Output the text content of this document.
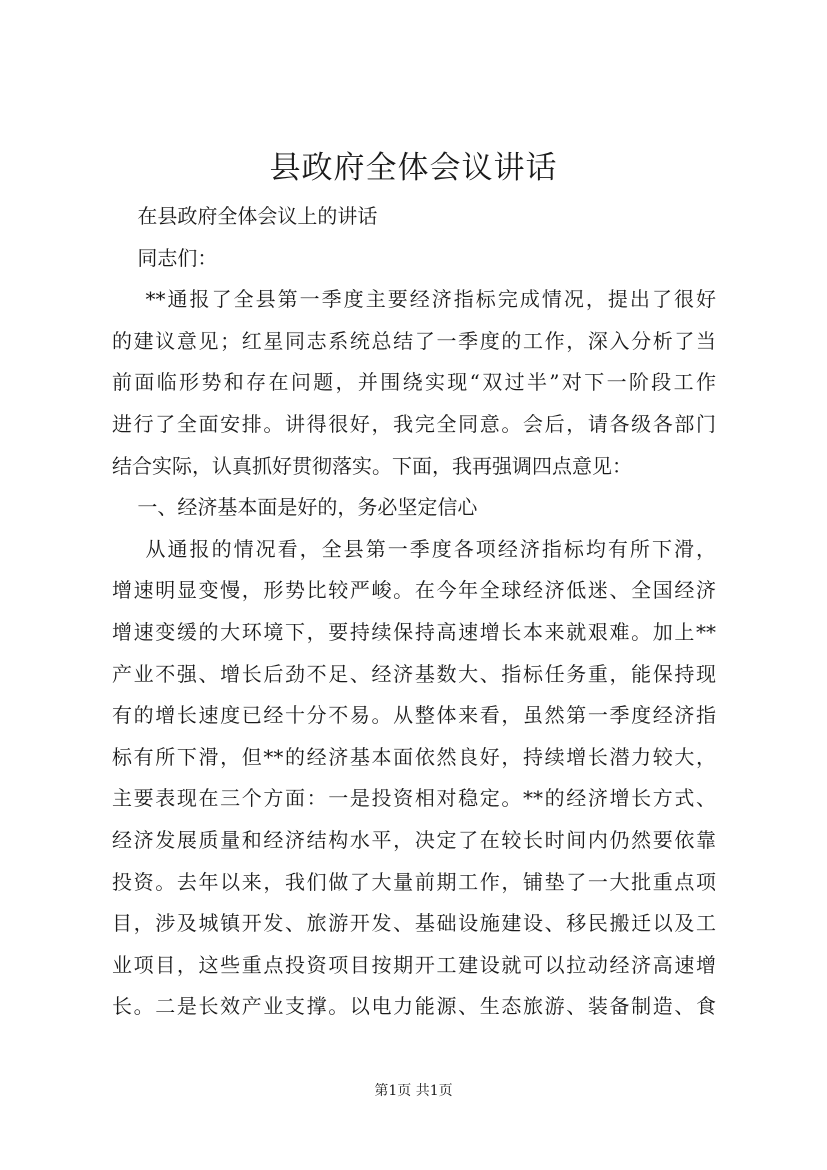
县政府全体会议讲话
在县政府全体会议上的讲话
同志们：
**通报了全县第一季度主要经济指标完成情况，提出了很好
的建议意见；红星同志系统总结了一季度的工作，深入分析了当
前面临形势和存在问题，并围绕实现“双过半”对下一阶段工作
进行了全面安排。讲得很好，我完全同意。会后，请各级各部门
结合实际，认真抓好贯彻落实。下面，我再强调四点意见：
一、经济基本面是好的，务必坚定信心
从通报的情况看，全县第一季度各项经济指标均有所下滑，
增速明显变慢，形势比较严峻。在今年全球经济低迷、全国经济
增速变缓的大环境下，要持续保持高速增长本来就艰难。加上**
产业不强、增长后劲不足、经济基数大、指标任务重，能保持现
有的增长速度已经十分不易。从整体来看，虽然第一季度经济指
标有所下滑，但**的经济基本面依然良好，持续增长潜力较大，
主要表现在三个方面：一是投资相对稳定。**的经济增长方式、
经济发展质量和经济结构水平，决定了在较长时间内仍然要依靠
投资。去年以来，我们做了大量前期工作，铺垫了一大批重点项
目，涉及城镇开发、旅游开发、基础设施建设、移民搬迁以及工
业项目，这些重点投资项目按期开工建设就可以拉动经济高速增
长。二是长效产业支撑。以电力能源、生态旅游、装备制造、食
第1页 共1页
